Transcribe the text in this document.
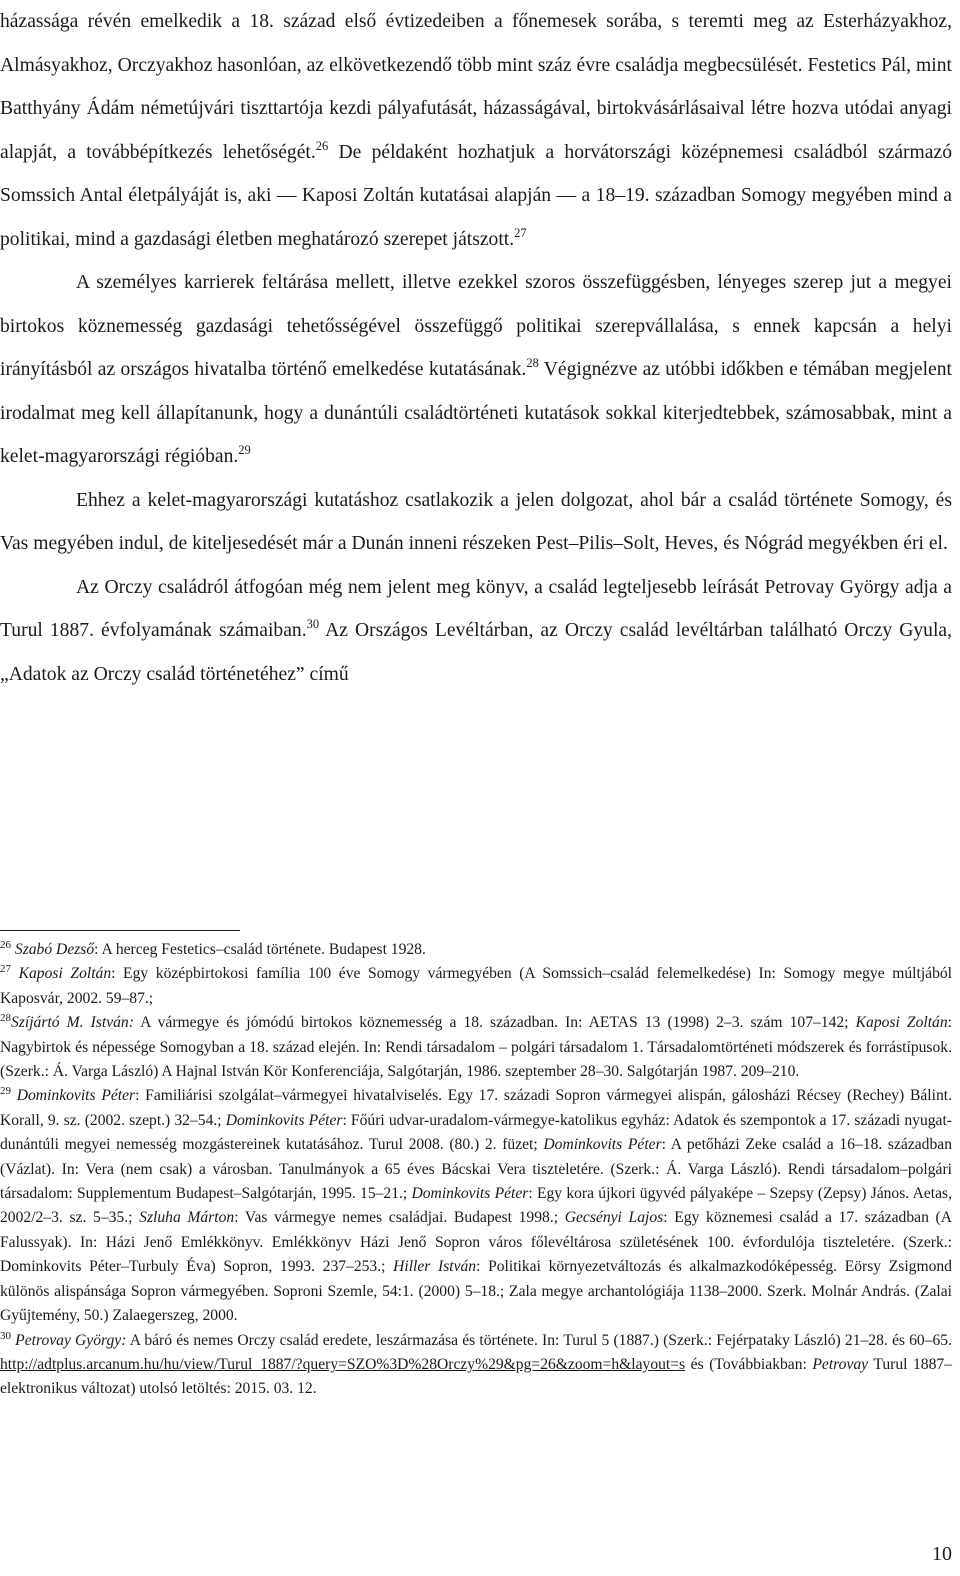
házassága révén emelkedik a 18. század első évtizedeiben a főnemesek sorába, s teremti meg az Esterházyakhoz, Almásyakhoz, Orczyakhoz hasonlóan, az elkövetkezendő több mint száz évre családja megbecsülését. Festetics Pál, mint Batthyány Ádám németújvári tiszttartója kezdi pályafutását, házasságával, birtokvásárlásaival létre hozva utódai anyagi alapját, a továbbépítkezés lehetőségét.$^{26}$ De példaként hozhatjuk a horvátországi középnemesi családból származó Somssich Antal életpályáját is, aki — Kaposi Zoltán kutatásai alapján — a 18–19. században Somogy megyében mind a politikai, mind a gazdasági életben meghatározó szerepet játszott.$^{27}$

A személyes karrierek feltárása mellett, illetve ezekkel szoros összefüggésben, lényeges szerep jut a megyei birtokos köznemesség gazdasági tehetősségével összefüggő politikai szerepvállalása, s ennek kapcsán a helyi irányításból az országos hivatalba történő emelkedése kutatásának.$^{28}$ Végignézve az utóbbi időkben e témában megjelent irodalmat meg kell állapítanunk, hogy a dunántúli családtörténeti kutatások sokkal kiterjedtebbek, számosabbak, mint a kelet-magyarországi régióban.$^{29}$

Ehhez a kelet-magyarországi kutatáshoz csatlakozik a jelen dolgozat, ahol bár a család története Somogy, és Vas megyében indul, de kiteljesedését már a Dunán inneni részeken Pest–Pilis–Solt, Heves, és Nógrád megyékben éri el.

Az Orczy családról átfogóan még nem jelent meg könyv, a család legteljesebb leírását Petrovay György adja a Turul 1887. évfolyamának számaiban.$^{30}$ Az Országos Levéltárban, az Orczy család levéltárban található Orczy Gyula, „Adatok az Orczy család történetéhez” című

$^{26}$ Szabó Dezső: A herceg Festetics–család története. Budapest 1928.

$^{27}$ Kaposi Zoltán: Egy középbirtokosi família 100 éve Somogy vármegyében (A Somssich–család felemelkedése) In: Somogy megye múltjából Kaposvár, 2002. 59–87.;

$^{28}$Szíjártó M. István: A vármegye és jómódú birtokos köznemesség a 18. században. In: AETAS 13 (1998) 2–3. szám 107–142; Kaposi Zoltán: Nagybirtok és népessége Somogyban a 18. század elején. In: Rendi társadalom – polgári társadalom 1. Társadalomtörténeti módszerek és forrástípusok. (Szerk.: Á. Varga László) A Hajnal István Kör Konferenciája, Salgótarján, 1986. szeptember 28–30. Salgótarján 1987. 209–210.

$^{29}$ Dominkovits Péter: Familiárisi szolgálat–vármegyei hivatalviselés. Egy 17. századi Sopron vármegyei alispán, gálosházi Récsey (Rechey) Bálint. Korall, 9. sz. (2002. szept.) 32–54.; Dominkovits Péter: Főúri udvar-uradalom-vármegye-katolikus egyház: Adatok és szempontok a 17. századi nyugat-dunántúli megyei nemesség mozgástereinek kutatásához. Turul 2008. (80.) 2. füzet; Dominkovits Péter: A petőházi Zeke család a 16–18. században (Vázlat). In: Vera (nem csak) a városban. Tanulmányok a 65 éves Bácskai Vera tiszteletére. (Szerk.: Á. Varga László). Rendi társadalom–polgári társadalom: Supplementum Budapest–Salgótarján, 1995. 15–21.; Dominkovits Péter: Egy kora újkori ügyvéd pályaképe – Szepsy (Zepsy) János. Aetas, 2002/2–3. sz. 5–35.; Szluha Márton: Vas vármegye nemes családjai. Budapest 1998.; Gecsényi Lajos: Egy köznemesi család a 17. században (A Falussyak). In: Házi Jenő Emlékkönyv. Emlékkönyv Házi Jenő Sopron város főlevéltárosa születésének 100. évfordulója tiszteletére. (Szerk.: Dominkovits Péter–Turbuly Éva) Sopron, 1993. 237–253.; Hiller István: Politikai környezetváltozás és alkalmazkodóképesség. Eörsy Zsigmond különös alispánsága Sopron vármegyében. Soproni Szemle, 54:1. (2000) 5–18.; Zala megye archantológiája 1138–2000. Szerk. Molnár András. (Zalai Gyűjtemény, 50.) Zalaegerszeg, 2000.

$^{30}$ Petrovay György: A báró és nemes Orczy család eredete, leszármazása és története. In: Turul 5 (1887.) (Szerk.: Fejérpataky László) 21–28. és 60–65. http://adtplus.arcanum.hu/hu/view/Turul_1887/?query=SZO%3D%28Orczy%29&pg=26&zoom=h&layout=s és (Továbbiakban: Petrovay Turul 1887–elektronikus változat) utolsó letöltés: 2015. 03. 12.

10
